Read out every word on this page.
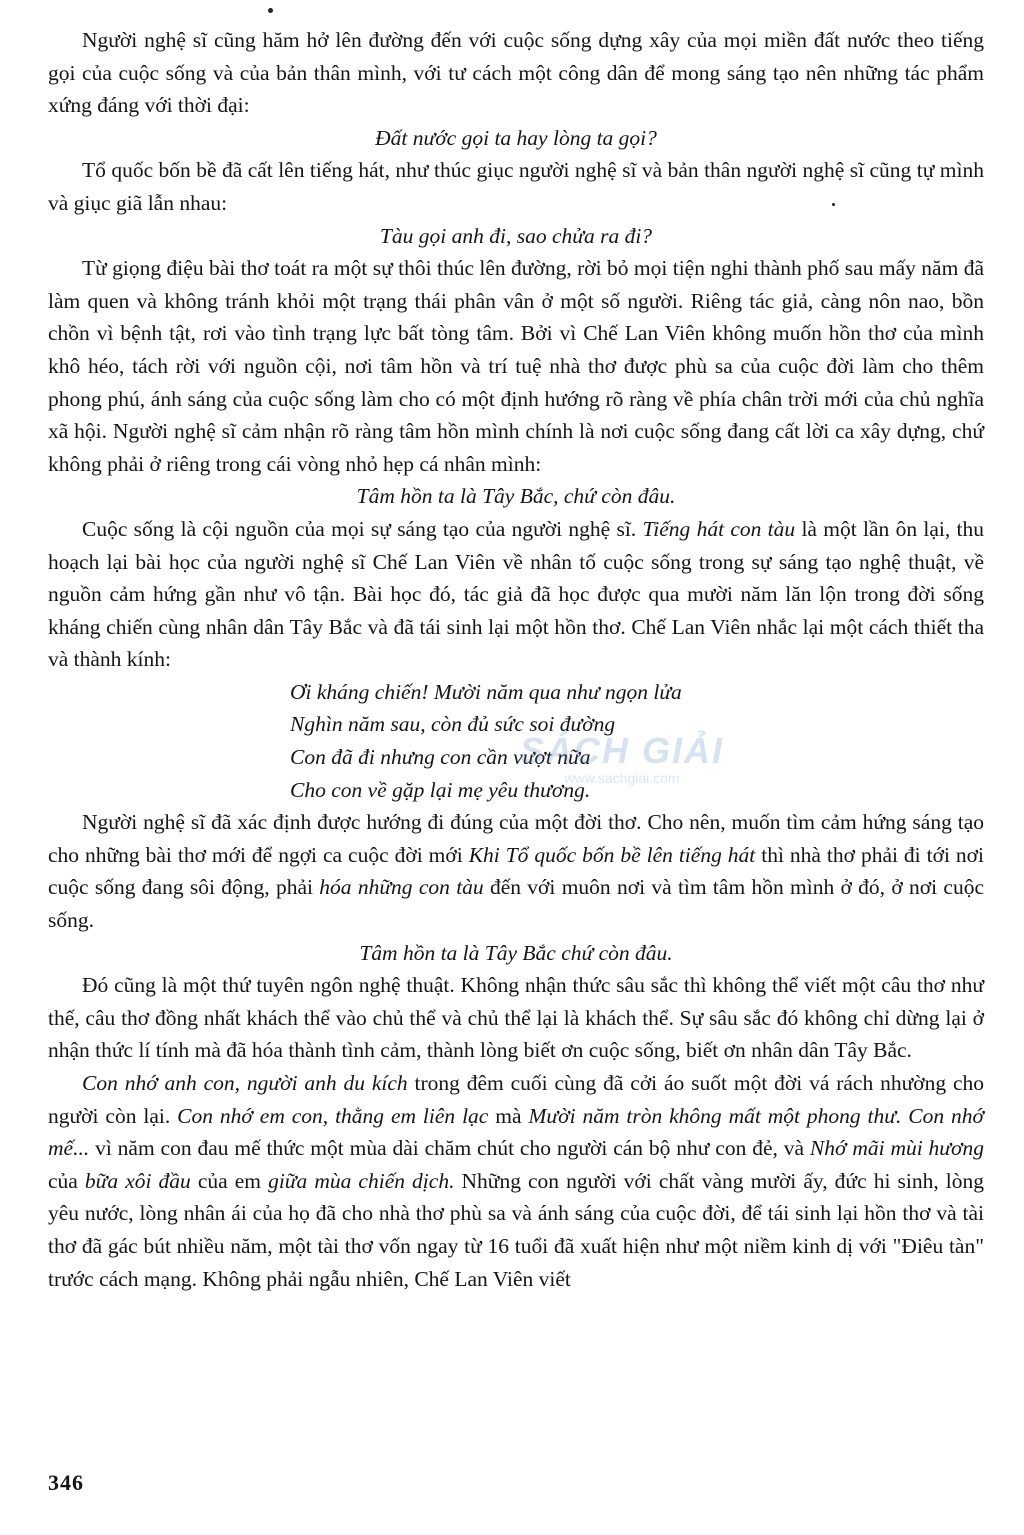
Người nghệ sĩ cũng hăm hở lên đường đến với cuộc sống dựng xây của mọi miền đất nước theo tiếng gọi của cuộc sống và của bản thân mình, với tư cách một công dân để mong sáng tạo nên những tác phẩm xứng đáng với thời đại:

Đất nước gọi ta hay lòng ta gọi?

Tổ quốc bốn bề đã cất lên tiếng hát, như thúc giục người nghệ sĩ và bản thân người nghệ sĩ cũng tự mình và giục giã lẫn nhau:

Tàu gọi anh đi, sao chửa ra đi?

Từ giọng điệu bài thơ toát ra một sự thôi thúc lên đường, rời bỏ mọi tiện nghi thành phố sau mấy năm đã làm quen và không tránh khỏi một trạng thái phân vân ở một số người. Riêng tác giả, càng nôn nao, bồn chồn vì bệnh tật, rơi vào tình trạng lực bất tòng tâm. Bởi vì Chế Lan Viên không muốn hồn thơ của mình khô héo, tách rời với nguồn cội, nơi tâm hồn và trí tuệ nhà thơ được phù sa của cuộc đời làm cho thêm phong phú, ánh sáng của cuộc sống làm cho có một định hướng rõ ràng về phía chân trời mới của chủ nghĩa xã hội. Người nghệ sĩ cảm nhận rõ ràng tâm hồn mình chính là nơi cuộc sống đang cất lời ca xây dựng, chứ không phải ở riêng trong cái vòng nhỏ hẹp cá nhân mình:

Tâm hồn ta là Tây Bắc, chứ còn đâu.

Cuộc sống là cội nguồn của mọi sự sáng tạo của người nghệ sĩ. Tiếng hát con tàu là một lần ôn lại, thu hoạch lại bài học của người nghệ sĩ Chế Lan Viên về nhân tố cuộc sống trong sự sáng tạo nghệ thuật, về nguồn cảm hứng gần như vô tận. Bài học đó, tác giả đã học được qua mười năm lăn lộn trong đời sống kháng chiến cùng nhân dân Tây Bắc và đã tái sinh lại một hồn thơ. Chế Lan Viên nhắc lại một cách thiết tha và thành kính:

Ơi kháng chiến! Mười năm qua như ngọn lửa
Nghìn năm sau, còn đủ sức soi đường
Con đã đi nhưng con cần vượt nữa
Cho con về gặp lại mẹ yêu thương.

Người nghệ sĩ đã xác định được hướng đi đúng của một đời thơ. Cho nên, muốn tìm cảm hứng sáng tạo cho những bài thơ mới để ngợi ca cuộc đời mới Khi Tổ quốc bốn bề lên tiếng hát thì nhà thơ phải đi tới nơi cuộc sống đang sôi động, phải hóa những con tàu đến với muôn nơi và tìm tâm hồn mình ở đó, ở nơi cuộc sống.

Tâm hồn ta là Tây Bắc chứ còn đâu.

Đó cũng là một thứ tuyên ngôn nghệ thuật. Không nhận thức sâu sắc thì không thể viết một câu thơ như thế, câu thơ đồng nhất khách thể vào chủ thể và chủ thể lại là khách thể. Sự sâu sắc đó không chỉ dừng lại ở nhận thức lí tính mà đã hóa thành tình cảm, thành lòng biết ơn cuộc sống, biết ơn nhân dân Tây Bắc.

Con nhớ anh con, người anh du kích trong đêm cuối cùng đã cởi áo suốt một đời vá rách nhường cho người còn lại. Con nhớ em con, thằng em liên lạc mà Mười năm tròn không mất một phong thư. Con nhớ mế... vì năm con đau mế thức một mùa dài chăm chút cho người cán bộ như con đẻ, và Nhớ mãi mùi hương của bữa xôi đầu của em giữa mùa chiến dịch. Những con người với chất vàng mười ấy, đức hi sinh, lòng yêu nước, lòng nhân ái của họ đã cho nhà thơ phù sa và ánh sáng của cuộc đời, để tái sinh lại hồn thơ và tài thơ đã gác bút nhiều năm, một tài thơ vốn ngay từ 16 tuổi đã xuất hiện như một niềm kinh dị với "Điêu tàn" trước cách mạng. Không phải ngẫu nhiên, Chế Lan Viên viết

SÁCH GIẢI
www.sachgiai.com
346
